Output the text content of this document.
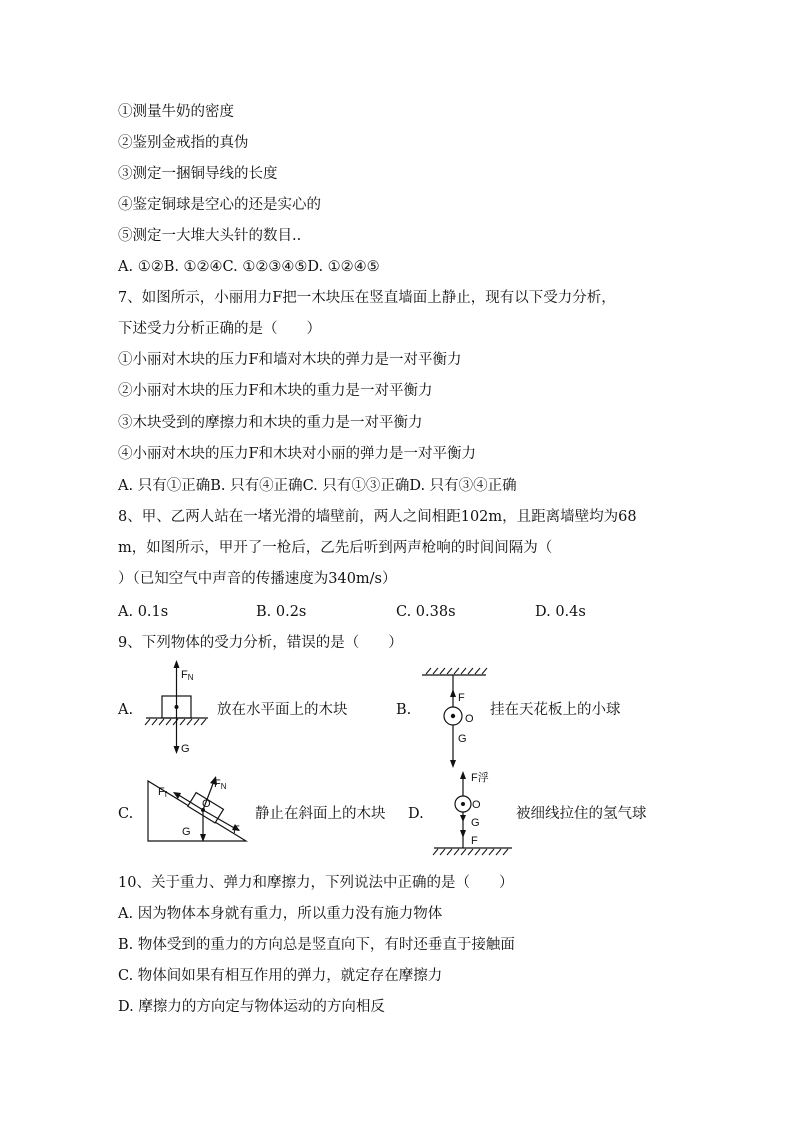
①测量牛奶的密度
②鉴别金戒指的真伪
③测定一捆铜导线的长度
④鉴定铜球是空心的还是实心的
⑤测定一大堆大头针的数目..
A. ①②B. ①②④C. ①②③④⑤D. ①②④⑤
7、如图所示，小丽用力F把一木块压在竖直墙面上静止，现有以下受力分析，
下述受力分析正确的是（　　）
①小丽对木块的压力F和墙对木块的弹力是一对平衡力
②小丽对木块的压力F和木块的重力是一对平衡力
③木块受到的摩擦力和木块的重力是一对平衡力
④小丽对木块的压力F和木块对小丽的弹力是一对平衡力
A. 只有①正确B. 只有④正确C. 只有①③正确D. 只有③④正确
8、甲、乙两人站在一堵光滑的墙壁前，两人之间相距102m，且距离墙壁均为68
m，如图所示，甲开了一枪后，乙先后听到两声枪响的时间间隔为（
）（已知空气中声音的传播速度为340m/s）
A. 0.1s	B. 0.2s	C. 0.38s	D. 0.4s
9、下列物体的受力分析，错误的是（　　）
A.
FN
G
放在水平面上的木块	B.
F
O
G
挂在天花板上的小球
C.
Ff
FN
O
G	F
静止在斜面上的木块 D.
F浮
O
G
F
被细线拉住的氢气球
10、关于重力、弹力和摩擦力，下列说法中正确的是（　　）
A. 因为物体本身就有重力，所以重力没有施力物体
B. 物体受到的重力的方向总是竖直向下，有时还垂直于接触面
C. 物体间如果有相互作用的弹力，就定存在摩擦力
D. 摩擦力的方向定与物体运动的方向相反
